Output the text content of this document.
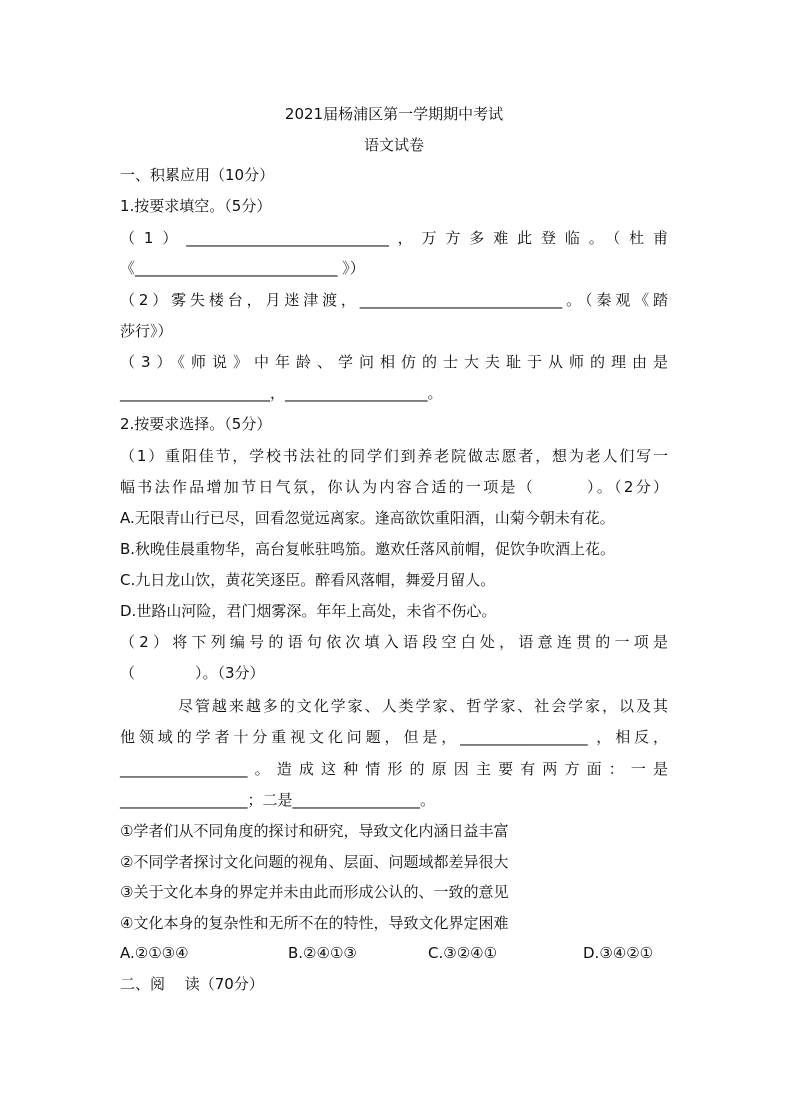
2021届杨浦区第一学期期中考试
语文试卷
一、积累应用（10分）
1.按要求填空。（5分）
（1）___________________________，万方多难此登临。（杜甫
《___________________________ 》）
（2）雾失楼台，月迷津渡，___________________________。（秦观《踏
莎行》）
（3）《师说》中年龄、学问相仿的士大夫耻于从师的理由是
____________________，___________________。
2.按要求选择。（5分）
（1）重阳佳节，学校书法社的同学们到养老院做志愿者，想为老人们写一
幅书法作品增加节日气氛，你认为内容合适的一项是（　　　）。（2分）
A.无限青山行已尽，回看忽觉远离家。逢高欲饮重阳酒，山菊今朝未有花。
B.秋晚佳晨重物华，高台复帐驻鸣笳。邀欢任落风前帽，促饮争吹酒上花。
C.九日龙山饮，黄花笑逐臣。醉看风落帽，舞爱月留人。
D.世路山河险，君门烟雾深。年年上高处，未省不伤心。
（2）将下列编号的语句依次填入语段空白处，语意连贯的一项是
（　　　　）。（3分）
尽管越来越多的文化学家、人类学家、哲学家、社会学家，以及其
他领域的学者十分重视文化问题，但是，_________________ ，相反，
_________________。造成这种情形的原因主要有两方面：一是
_________________；二是_________________。
①学者们从不同角度的探讨和研究，导致文化内涵日益丰富
②不同学者探讨文化问题的视角、层面、问题域都差异很大
③关于文化本身的界定并未由此而形成公认的、一致的意见
④文化本身的复杂性和无所不在的特性，导致文化界定困难
A.②①③④	B.②④①③	C.③②④①	D.③④②①
二、阅　 读（70分）
